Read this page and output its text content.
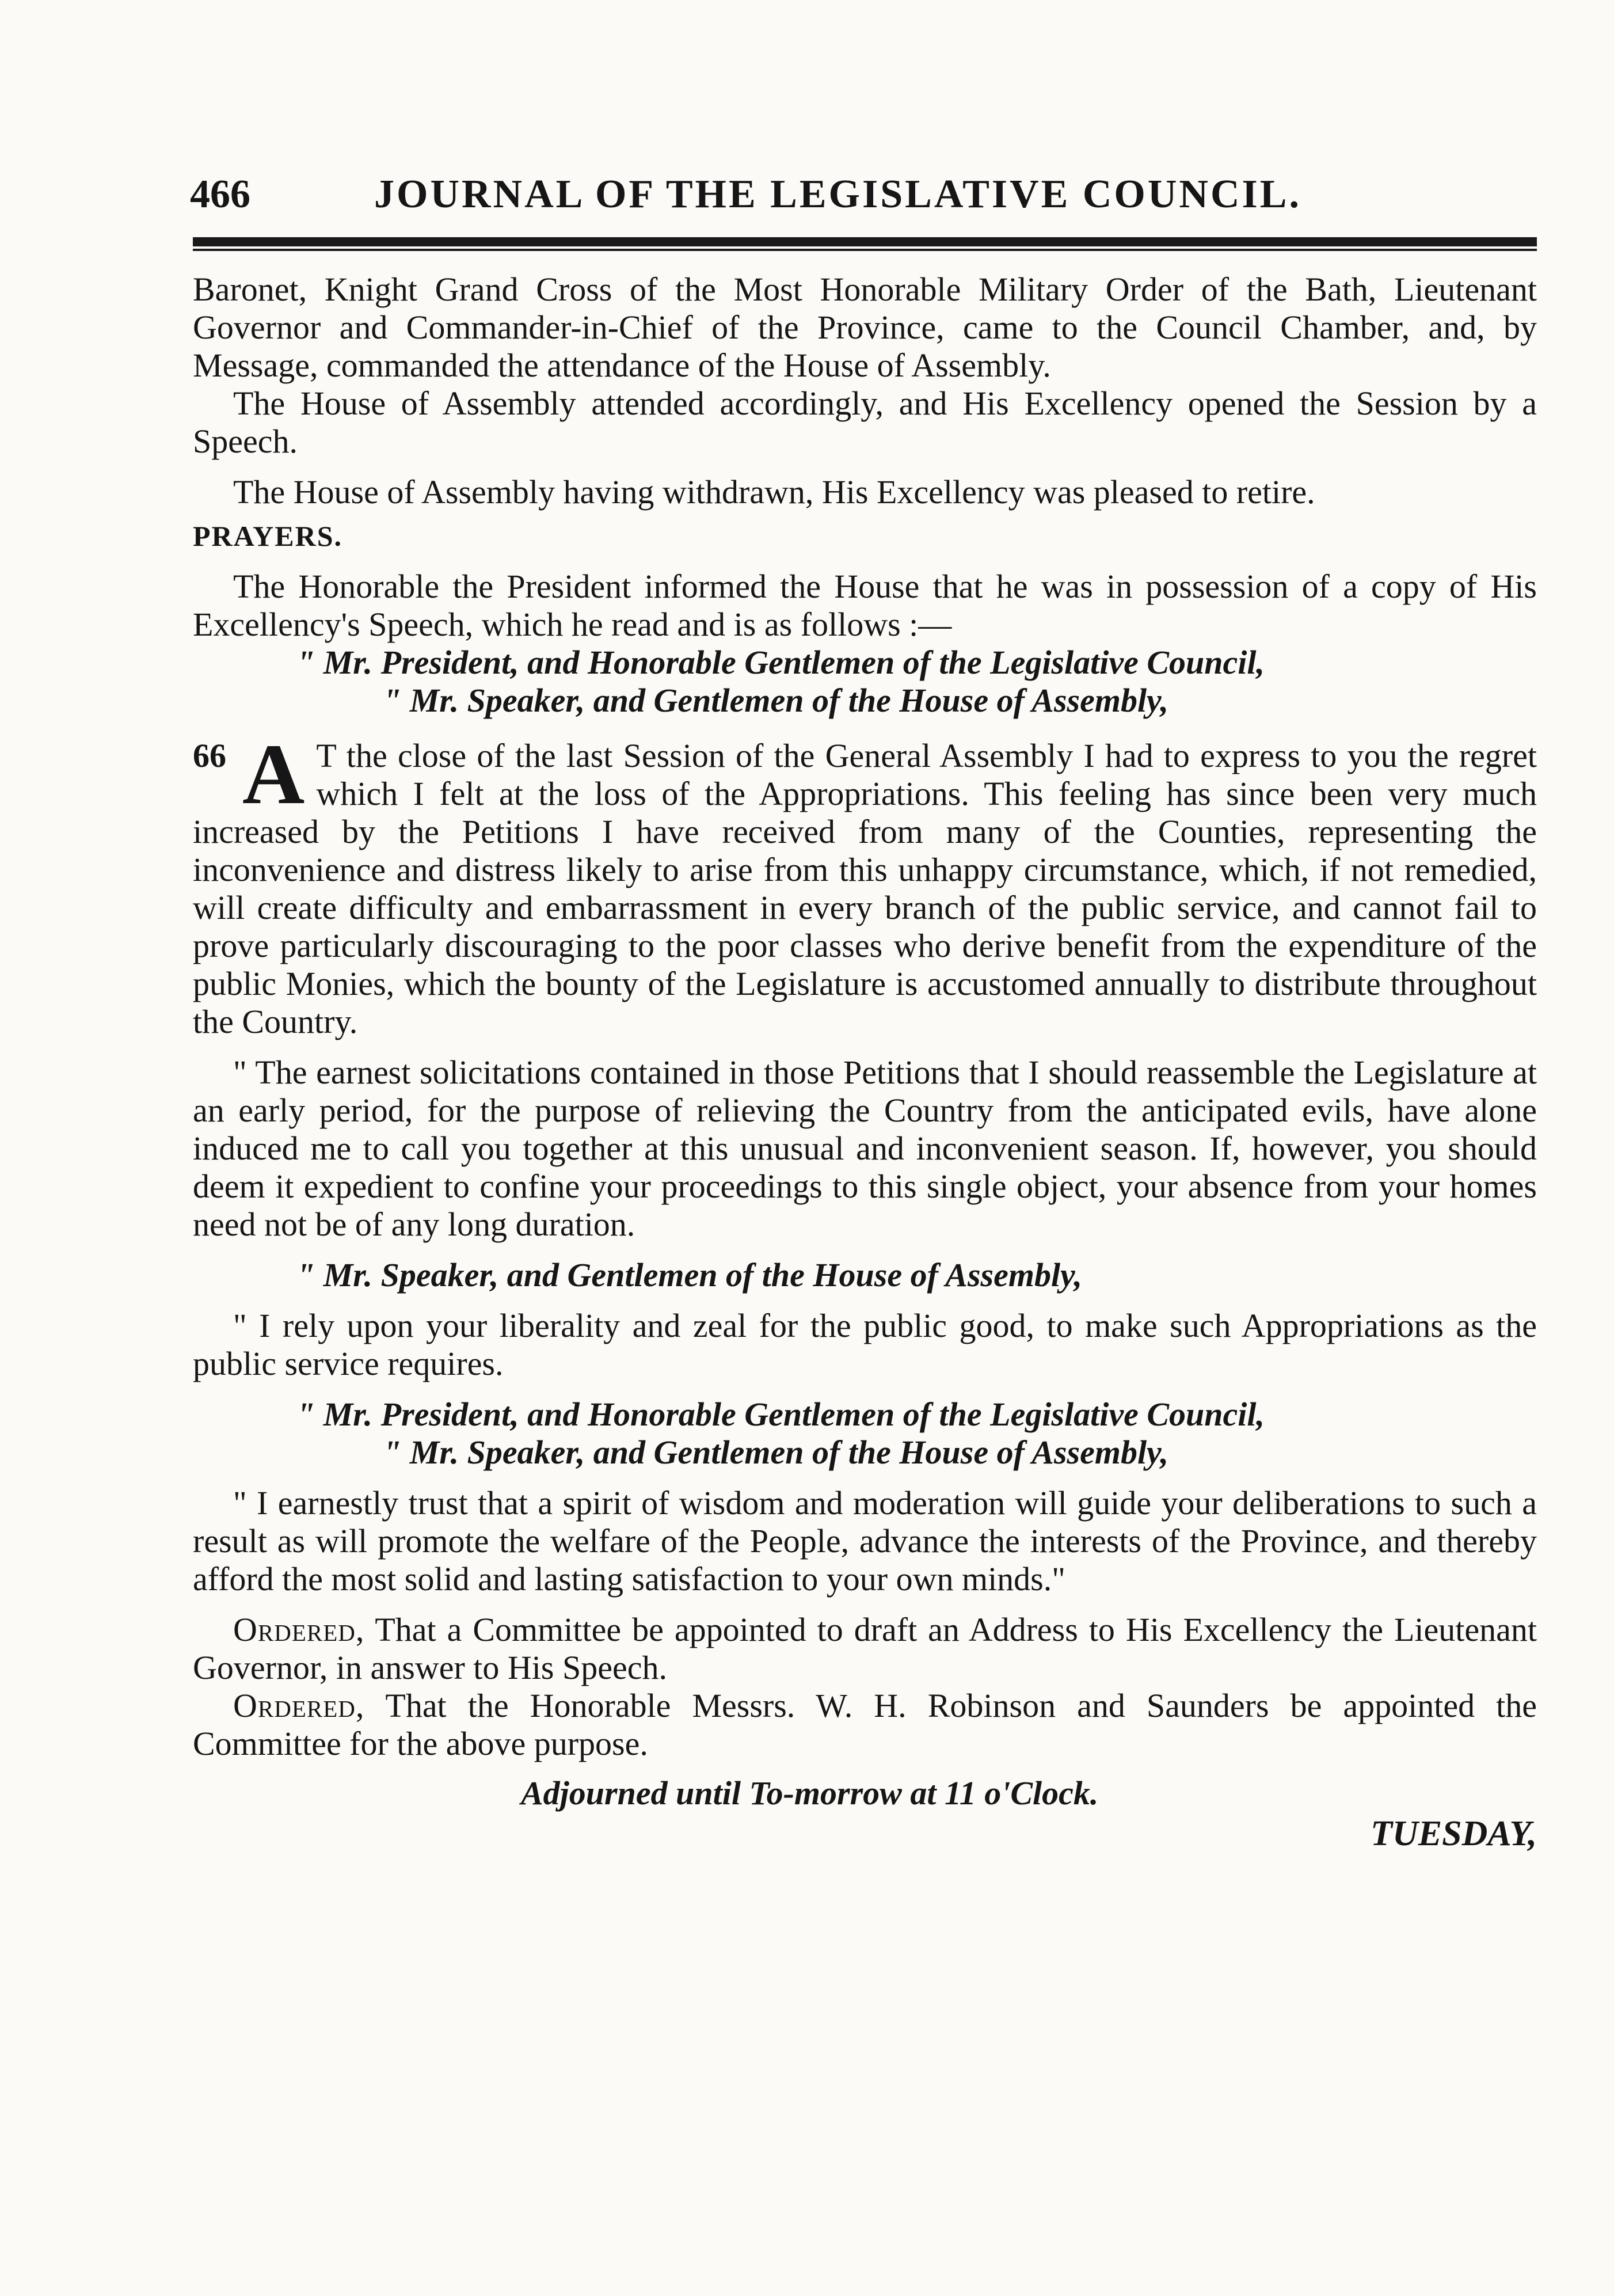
466	JOURNAL OF THE LEGISLATIVE COUNCIL.

Baronet, Knight Grand Cross of the Most Honorable Military Order of the Bath, Lieutenant Governor and Commander-in-Chief of the Province, came to the Council Chamber, and, by Message, commanded the attendance of the House of Assembly.

The House of Assembly attended accordingly, and His Excellency opened the Session by a Speech.

The House of Assembly having withdrawn, His Excellency was pleased to retire.

PRAYERS.

The Honorable the President informed the House that he was in possession of a copy of His Excellency's Speech, which he read and is as follows :—

" Mr. President, and Honorable Gentlemen of the Legislative Council,

" Mr. Speaker, and Gentlemen of the House of Assembly,

66 A T the close of the last Session of the General Assembly I had to express to you the regret which I felt at the loss of the Appropriations. This feeling has since been very much increased by the Petitions I have received from many of the Counties, representing the inconvenience and distress likely to arise from this unhappy circumstance, which, if not remedied, will create difficulty and embarrassment in every branch of the public service, and cannot fail to prove particularly discouraging to the poor classes who derive benefit from the expenditure of the public Monies, which the bounty of the Legislature is accustomed annually to distribute throughout the Country.

" The earnest solicitations contained in those Petitions that I should reassemble the Legislature at an early period, for the purpose of relieving the Country from the anticipated evils, have alone induced me to call you together at this unusual and inconvenient season. If, however, you should deem it expedient to confine your proceedings to this single object, your absence from your homes need not be of any long duration.

" Mr. Speaker, and Gentlemen of the House of Assembly,

" I rely upon your liberality and zeal for the public good, to make such Appropriations as the public service requires.

" Mr. President, and Honorable Gentlemen of the Legislative Council,

" Mr. Speaker, and Gentlemen of the House of Assembly,

" I earnestly trust that a spirit of wisdom and moderation will guide your deliberations to such a result as will promote the welfare of the People, advance the interests of the Province, and thereby afford the most solid and lasting satisfaction to your own minds."

Ordered, That a Committee be appointed to draft an Address to His Excellency the Lieutenant Governor, in answer to His Speech.

Ordered, That the Honorable Messrs. W. H. Robinson and Saunders be appointed the Committee for the above purpose.

Adjourned until To-morrow at 11 o'Clock.

TUESDAY,
